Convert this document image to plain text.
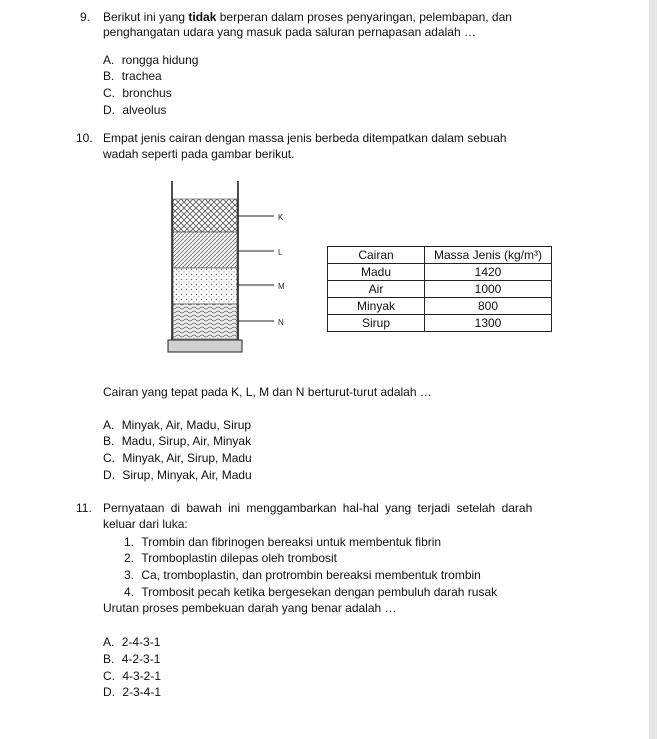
9. Berikut ini yang tidak berperan dalam proses penyaringan, pelembapan, dan
penghangatan udara yang masuk pada saluran pernapasan adalah …
A. rongga hidung
B. trachea
C. bronchus
D. alveolus
10. Empat jenis cairan dengan massa jenis berbeda ditempatkan dalam sebuah
wadah seperti pada gambar berikut.
K
L
M
N
Cairan	Massa Jenis (kg/m³)
Madu	1420
Air	1000
Minyak	800
Sirup	1300
Cairan yang tepat pada K, L, M dan N berturut-turut adalah …
A. Minyak, Air, Madu, Sirup
B. Madu, Sirup, Air, Minyak
C. Minyak, Air, Sirup, Madu
D. Sirup, Minyak, Air, Madu
11. Pernyataan di bawah ini menggambarkan hal-hal yang terjadi setelah darah
keluar dari luka:
1. Trombin dan fibrinogen bereaksi untuk membentuk fibrin
2. Tromboplastin dilepas oleh trombosit
3. Ca, tromboplastin, dan protrombin bereaksi membentuk trombin
4. Trombosit pecah ketika bergesekan dengan pembuluh darah rusak
Urutan proses pembekuan darah yang benar adalah …
A. 2-4-3-1
B. 4-2-3-1
C. 4-3-2-1
D. 2-3-4-1
